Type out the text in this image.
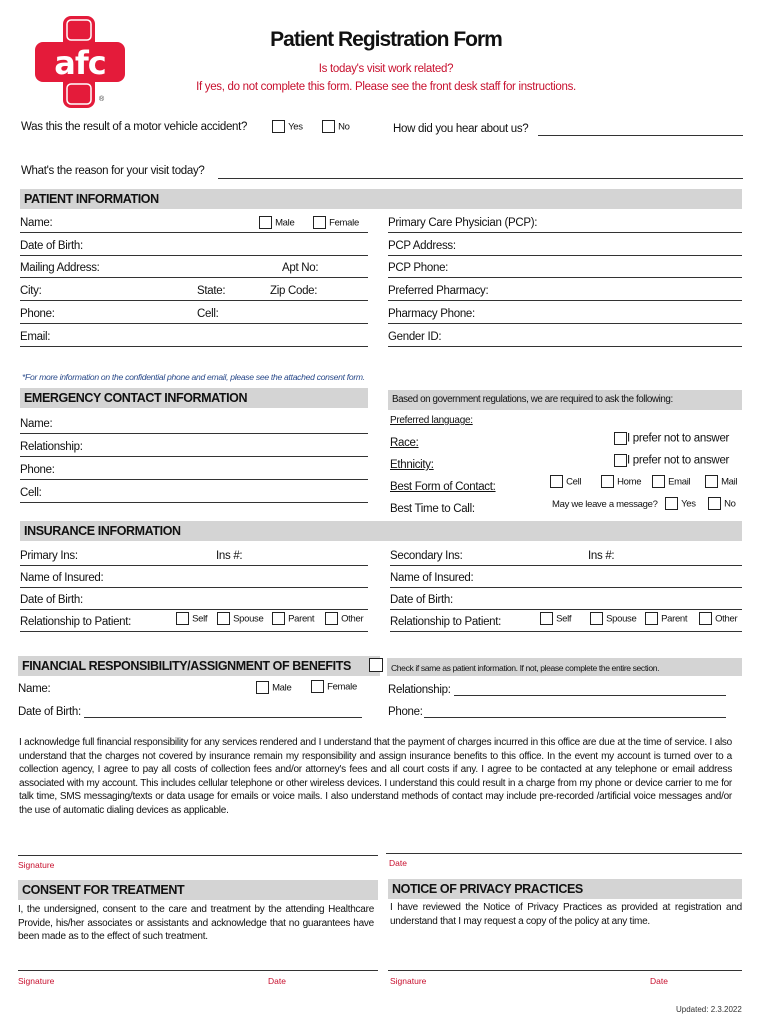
afc
®
Patient Registration Form
Is today's visit work related?
If yes, do not complete this form. Please see the front desk staff for instructions.
Was this the result of a motor vehicle accident?	Yes	No	How did you hear about us?
What's the reason for your visit today?
PATIENT INFORMATION
Name:	Male	Female
Date of Birth:
Mailing Address:	Apt No:
City:	State:	Zip Code:
Phone:	Cell:
Email:
Primary Care Physician (PCP):
PCP Address:
PCP Phone:
Preferred Pharmacy:
Pharmacy Phone:
Gender ID:
*For more information on the confidential phone and email, please see the attached consent form.
EMERGENCY CONTACT INFORMATION
Name:
Relationship:
Phone:
Cell:
Based on government regulations, we are required to ask the following:
Preferred language:
Race:	I prefer not to answer
Ethnicity:	I prefer not to answer
Best Form of Contact:	Cell	Home	Email	Mail
Best Time to Call:	May we leave a message?	Yes	No
INSURANCE INFORMATION
Primary Ins:	Ins #:
Name of Insured:
Date of Birth:
Relationship to Patient:	Self	Spouse	Parent	Other
Secondary Ins:	Ins #:
Name of Insured:
Date of Birth:
Relationship to Patient:	Self	Spouse	Parent	Other
FINANCIAL RESPONSIBILITY/ASSIGNMENT OF BENEFITS	Check if same as patient information. If not, please complete the entire section.
Name:	Male	Female
Date of Birth:
Relationship:
Phone:
I acknowledge full financial responsibility for any services rendered and I understand that the payment of charges incurred in this office are due at the time of service. I also understand that the charges not covered by insurance remain my responsibility and assign insurance benefits to this office. In the event my account is turned over to a collection agency, I agree to pay all costs of collection fees and/or attorney's fees and all court costs if any. I agree to be contacted at any telephone or email address associated with my account. This includes cellular telephone or other wireless devices. I understand this could result in a charge from my phone or device carrier to me for talk time, SMS messaging/texts or data usage for emails or voice mails. I also understand methods of contact may include pre-recorded /artificial voice messages and/or the use of automatic dialing devices as applicable.
Signature	Date
CONSENT FOR TREATMENT
I, the undersigned, consent to the care and treatment by the attending Healthcare Provide, his/her associates or assistants and acknowledge that no guarantees have been made as to the effect of such treatment.
Signature	Date
NOTICE OF PRIVACY PRACTICES
I have reviewed the Notice of Privacy Practices as provided at registration and understand that I may request a copy of the policy at any time.
Signature	Date
Updated: 2.3.2022
